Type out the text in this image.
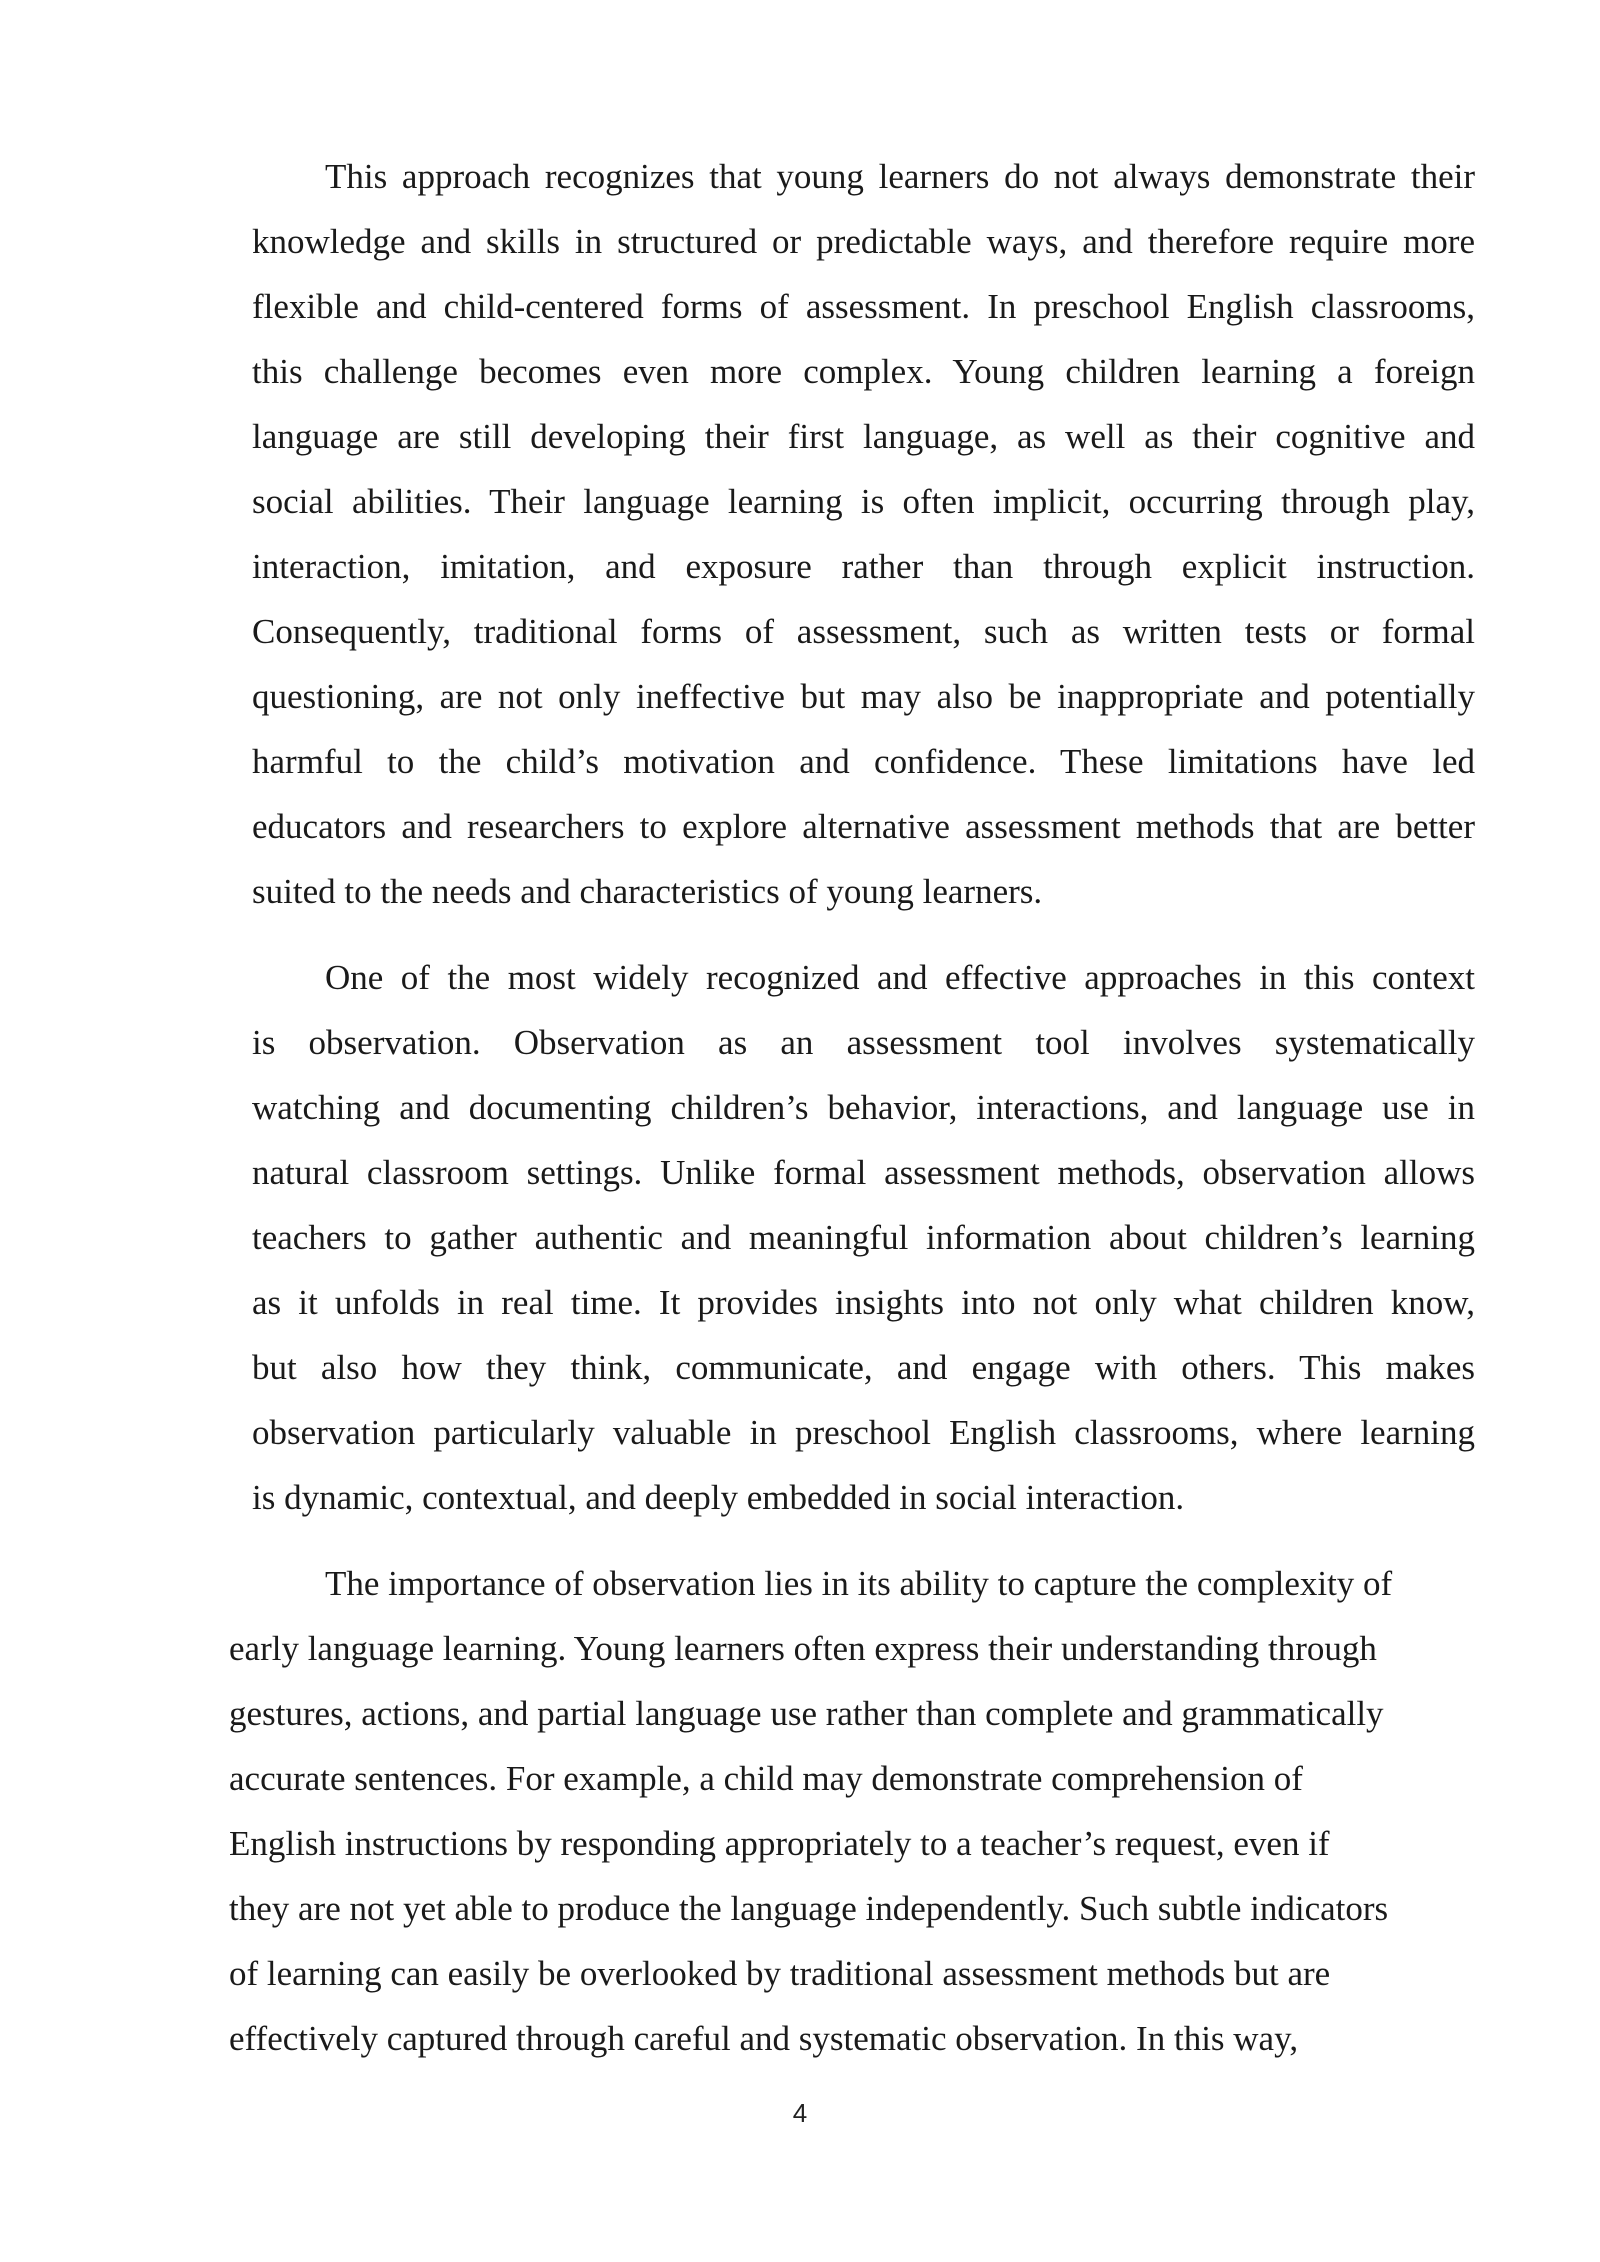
This approach recognizes that young learners do not always demonstrate their

knowledge and skills in structured or predictable ways, and therefore require more

flexible and child-centered forms of assessment. In preschool English classrooms,

this challenge becomes even more complex. Young children learning a foreign

language are still developing their first language, as well as their cognitive and

social abilities. Their language learning is often implicit, occurring through play,

interaction, imitation, and exposure rather than through explicit instruction.

Consequently, traditional forms of assessment, such as written tests or formal

questioning, are not only ineffective but may also be inappropriate and potentially

harmful to the child’s motivation and confidence. These limitations have led

educators and researchers to explore alternative assessment methods that are better

suited to the needs and characteristics of young learners.

One of the most widely recognized and effective approaches in this context

is observation. Observation as an assessment tool involves systematically

watching and documenting children’s behavior, interactions, and language use in

natural classroom settings. Unlike formal assessment methods, observation allows

teachers to gather authentic and meaningful information about children’s learning

as it unfolds in real time. It provides insights into not only what children know,

but also how they think, communicate, and engage with others. This makes

observation particularly valuable in preschool English classrooms, where learning

is dynamic, contextual, and deeply embedded in social interaction.

The importance of observation lies in its ability to capture the complexity of

early language learning. Young learners often express their understanding through

gestures, actions, and partial language use rather than complete and grammatically

accurate sentences. For example, a child may demonstrate comprehension of

English instructions by responding appropriately to a teacher’s request, even if

they are not yet able to produce the language independently. Such subtle indicators

of learning can easily be overlooked by traditional assessment methods but are

effectively captured through careful and systematic observation. In this way,

4
